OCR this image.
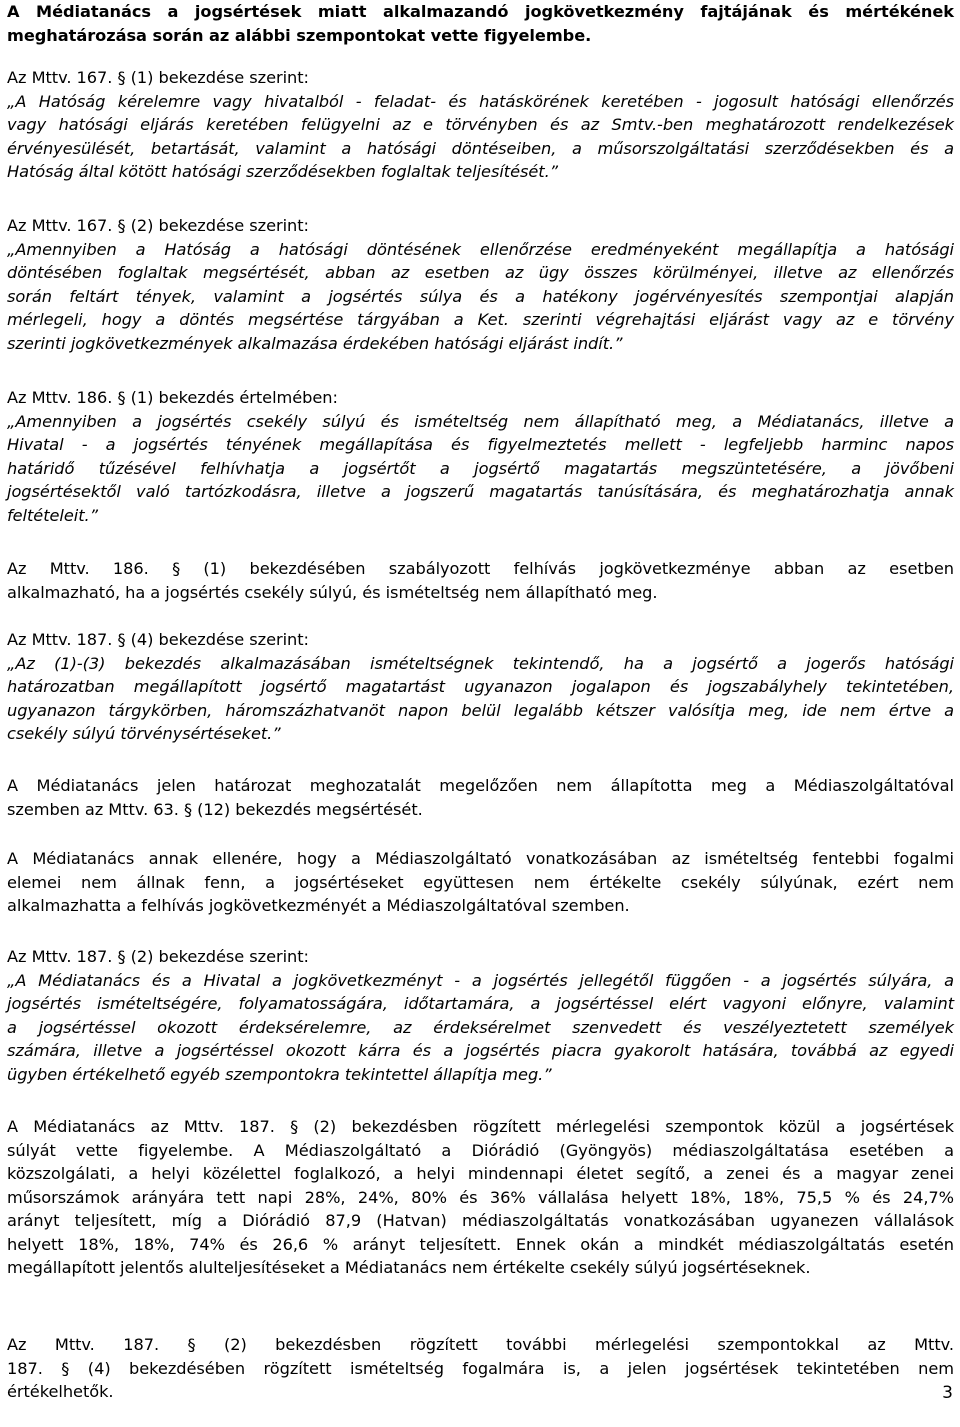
A Médiatanács a jogsértések miatt alkalmazandó jogkövetkezmény fajtájának és mértékének
meghatározása során az alábbi szempontokat vette figyelembe.

Az Mttv. 167. § (1) bekezdése szerint:
„A Hatóság kérelemre vagy hivatalból - feladat- és hatáskörének keretében - jogosult hatósági ellenőrzés
vagy hatósági eljárás keretében felügyelni az e törvényben és az Smtv.-ben meghatározott rendelkezések
érvényesülését, betartását, valamint a hatósági döntéseiben, a műsorszolgáltatási szerződésekben és a
Hatóság által kötött hatósági szerződésekben foglaltak teljesítését.”

Az Mttv. 167. § (2) bekezdése szerint:
„Amennyiben a Hatóság a hatósági döntésének ellenőrzése eredményeként megállapítja a hatósági
döntésében foglaltak megsértését, abban az esetben az ügy összes körülményei, illetve az ellenőrzés
során feltárt tények, valamint a jogsértés súlya és a hatékony jogérvényesítés szempontjai alapján
mérlegeli, hogy a döntés megsértése tárgyában a Ket. szerinti végrehajtási eljárást vagy az e törvény
szerinti jogkövetkezmények alkalmazása érdekében hatósági eljárást indít.”

Az Mttv. 186. § (1) bekezdés értelmében:
„Amennyiben a jogsértés csekély súlyú és ismételtség nem állapítható meg, a Médiatanács, illetve a
Hivatal - a jogsértés tényének megállapítása és figyelmeztetés mellett - legfeljebb harminc napos
határidő tűzésével felhívhatja a jogsértőt a jogsértő magatartás megszüntetésére, a jövőbeni
jogsértésektől való tartózkodásra, illetve a jogszerű magatartás tanúsítására, és meghatározhatja annak
feltételeit.”

Az Mttv. 186. § (1) bekezdésében szabályozott felhívás jogkövetkezménye abban az esetben
alkalmazható, ha a jogsértés csekély súlyú, és ismételtség nem állapítható meg.

Az Mttv. 187. § (4) bekezdése szerint:
„Az (1)-(3) bekezdés alkalmazásában ismételtségnek tekintendő, ha a jogsértő a jogerős hatósági
határozatban megállapított jogsértő magatartást ugyanazon jogalapon és jogszabályhely tekintetében,
ugyanazon tárgykörben, háromszázhatvanöt napon belül legalább kétszer valósítja meg, ide nem értve a
csekély súlyú törvénysértéseket.”

A Médiatanács jelen határozat meghozatalát megelőzően nem állapította meg a Médiaszolgáltatóval
szemben az Mttv. 63. § (12) bekezdés megsértését.

A Médiatanács annak ellenére, hogy a Médiaszolgáltató vonatkozásában az ismételtség fentebbi fogalmi
elemei nem állnak fenn, a jogsértéseket együttesen nem értékelte csekély súlyúnak, ezért nem
alkalmazhatta a felhívás jogkövetkezményét a Médiaszolgáltatóval szemben.

Az Mttv. 187. § (2) bekezdése szerint:
„A Médiatanács és a Hivatal a jogkövetkezményt - a jogsértés jellegétől függően - a jogsértés súlyára, a
jogsértés ismételtségére, folyamatosságára, időtartamára, a jogsértéssel elért vagyoni előnyre, valamint
a jogsértéssel okozott érdeksérelemre, az érdeksérelmet szenvedett és veszélyeztetett személyek
számára, illetve a jogsértéssel okozott kárra és a jogsértés piacra gyakorolt hatására, továbbá az egyedi
ügyben értékelhető egyéb szempontokra tekintettel állapítja meg.”

A Médiatanács az Mttv. 187. § (2) bekezdésben rögzített mérlegelési szempontok közül a jogsértések
súlyát vette figyelembe. A Médiaszolgáltató a Diórádió (Gyöngyös) médiaszolgáltatása esetében a
közszolgálati, a helyi közélettel foglalkozó, a helyi mindennapi életet segítő, a zenei és a magyar zenei
műsorszámok arányára tett napi 28%, 24%, 80% és 36% vállalása helyett 18%, 18%, 75,5 % és 24,7%
arányt teljesített, míg a Diórádió 87,9 (Hatvan) médiaszolgáltatás vonatkozásában ugyanezen vállalások
helyett 18%, 18%, 74% és 26,6 % arányt teljesített. Ennek okán a mindkét médiaszolgáltatás esetén
megállapított jelentős alulteljesítéseket a Médiatanács nem értékelte csekély súlyú jogsértéseknek.

Az Mttv. 187. § (2) bekezdésben rögzített további mérlegelési szempontokkal az Mttv.
187. § (4) bekezdésében rögzített ismételtség fogalmára is, a jelen jogsértések tekintetében nem
értékelhetők.	3
